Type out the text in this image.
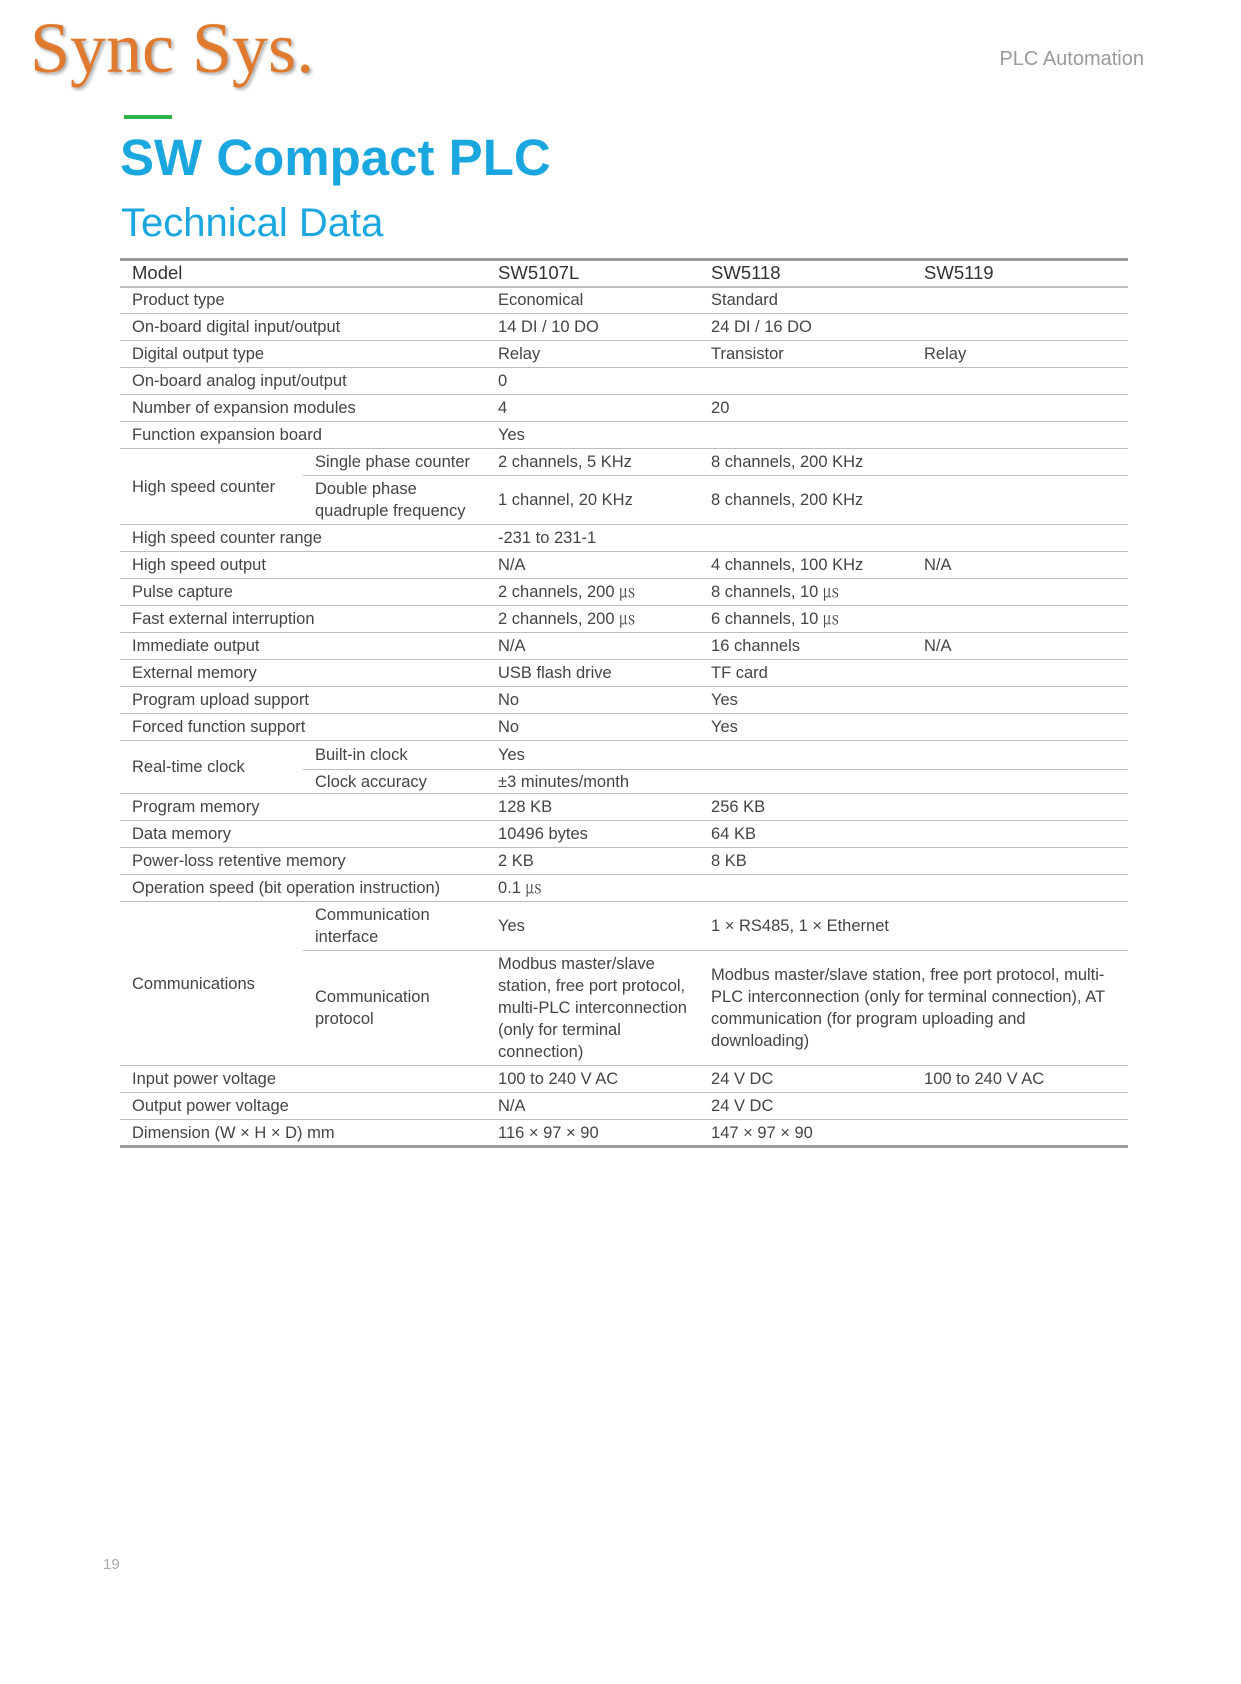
Sync Sys.	PLC Automation
SW Compact PLC
Technical Data
Model		SW5107L	SW5118	SW5119
Product type		Economical	Standard	
On-board digital input/output		14 DI / 10 DO	24 DI / 16 DO	
Digital output type		Relay	Transistor	Relay
On-board analog input/output		0		
Number of expansion modules		4	20	
Function expansion board		Yes		
High speed counter	Single phase counter	2 channels, 5 KHz	8 channels, 200 KHz	
	Double phase quadruple frequency	1 channel, 20 KHz	8 channels, 200 KHz	
High speed counter range		-231 to 231-1		
High speed output		N/A	4 channels, 100 KHz	N/A
Pulse capture		2 channels, 200 ㎲	8 channels, 10 ㎲	
Fast external interruption		2 channels, 200 ㎲	6 channels, 10 ㎲	
Immediate output		N/A	16 channels	N/A
External memory		USB flash drive	TF card	
Program upload support		No	Yes	
Forced function support		No	Yes	
Real-time clock	Built-in clock	Yes		
	Clock accuracy	±3 minutes/month		
Program memory		128 KB	256 KB	
Data memory		10496 bytes	64 KB	
Power-loss retentive memory		2 KB	8 KB	
Operation speed (bit operation instruction)		0.1 ㎲		
Communications	Communication interface	Yes	1 × RS485, 1 × Ethernet	
	Communication protocol	Modbus master/slave station, free port protocol, multi-PLC interconnection (only for terminal connection)	Modbus master/slave station, free port protocol, multi-PLC interconnection (only for terminal connection), AT communication (for program uploading and downloading)	
Input power voltage		100 to 240 V AC	24 V DC	100 to 240 V AC
Output power voltage		N/A	24 V DC	
Dimension (W × H × D) mm		116 × 97 × 90	147 × 97 × 90	
19
